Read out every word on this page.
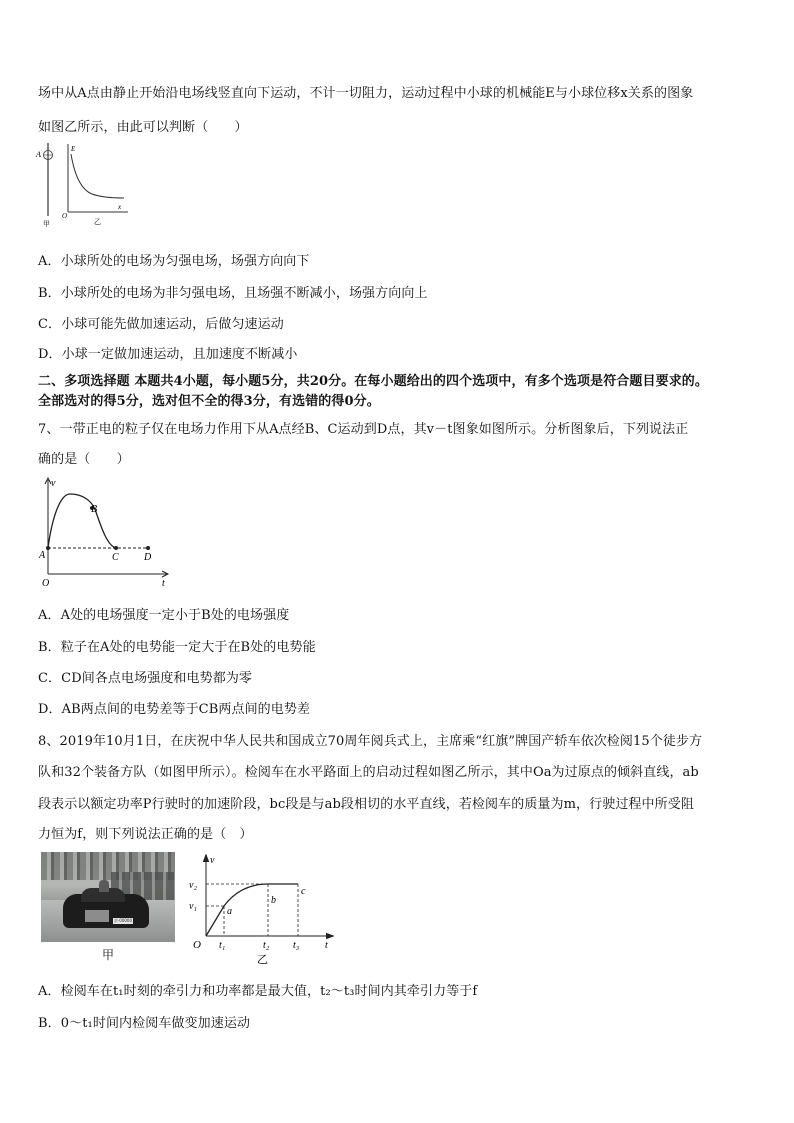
场中从A点由静止开始沿电场线竖直向下运动，不计一切阻力，运动过程中小球的机械能E与小球位移x关系的图象
如图乙所示，由此可以判断（　　）
A
甲
E
x
O
乙
A．小球所处的电场为匀强电场，场强方向向下
B．小球所处的电场为非匀强电场，且场强不断减小，场强方向向上
C．小球可能先做加速运动，后做匀速运动
D．小球一定做加速运动，且加速度不断减小
二、多项选择题 本题共4小题，每小题5分，共20分。在每小题给出的四个选项中，有多个选项是符合题目要求的。
全部选对的得5分，选对但不全的得3分，有选错的得0分。
7、一带正电的粒子仅在电场力作用下从A点经B、C运动到D点，其v－t图象如图所示。分析图象后，下列说法正
确的是（　　）
v
t
O
A
B
C	D
A．A处的电场强度一定小于B处的电场强度
B．粒子在A处的电势能一定大于在B处的电势能
C．CD间各点电场强度和电势都为零
D．AB两点间的电势差等于CB两点间的电势差
8、2019年10月1日，在庆祝中华人民共和国成立70周年阅兵式上，主席乘“红旗”牌国产轿车依次检阅15个徒步方
队和32个装备方队（如图甲所示）。检阅车在水平路面上的启动过程如图乙所示，其中Oa为过原点的倾斜直线，ab
段表示以额定功率P行驶时的加速阶段，bc段是与ab段相切的水平直线，若检阅车的质量为m，行驶过程中所受阻
力恒为f，则下列说法正确的是（　）
京·00000
甲
v
t
O
v₂
v₁	a
b
c
t₁	t₂ t₃
乙
A．检阅车在t₁时刻的牵引力和功率都是最大值，t₂～t₃时间内其牵引力等于f
B．0～t₁时间内检阅车做变加速运动
